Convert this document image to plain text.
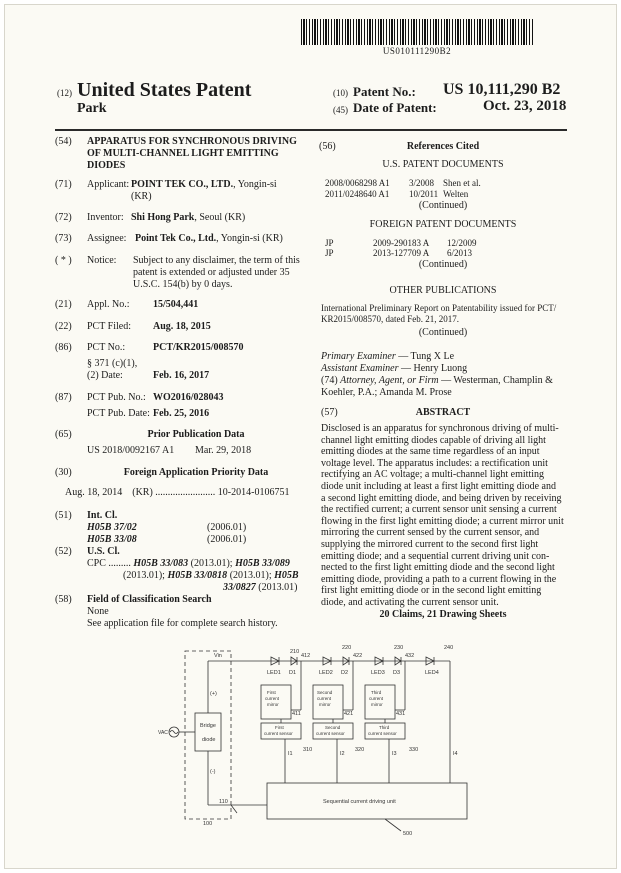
US010111290B2
(12) United States Patent
Park
(10) Patent No.: US 10,111,290 B2
(45) Date of Patent:	Oct. 23, 2018
(54) APPARATUS FOR SYNCHRONOUS DRIVING OF MULTI-CHANNEL LIGHT EMITTING DIODES
(71) Applicant: POINT TEK CO., LTD., Yongin-si
(KR)
(72) Inventor: Shi Hong Park, Seoul (KR)
(73) Assignee: Point Tek Co., Ltd., Yongin-si (KR)
( * ) Notice: Subject to any disclaimer, the term of this
patent is extended or adjusted under 35
U.S.C. 154(b) by 0 days.
(21) Appl. No.: 15/504,441
(22) PCT Filed: Aug. 18, 2015
(86) PCT No.:	PCT/KR2015/008570
§ 371 (c)(1),
(2) Date:	Feb. 16, 2017
(87) PCT Pub. No.: WO2016/028043
PCT Pub. Date: Feb. 25, 2016
(65)	Prior Publication Data
US 2018/0092167 A1 Mar. 29, 2018
(30)	Foreign Application Priority Data
Aug. 18, 2014 (KR) ........................ 10-2014-0106751
(51) Int. Cl.
H05B 37/02	(2006.01)
H05B 33/08	(2006.01)
(52) U.S. Cl.
CPC ......... H05B 33/083 (2013.01); H05B 33/089
(2013.01); H05B 33/0818 (2013.01); H05B
33/0827 (2013.01)
(58) Field of Classification Search
None
See application file for complete search history.
(56)	References Cited
U.S. PATENT DOCUMENTS
2008/0068298 A1 3/2008 Shen et al.
2011/0248640 A1 10/2011 Welten
(Continued)
FOREIGN PATENT DOCUMENTS
JP	2009-290183 A 12/2009
JP	2013-127709 A 6/2013
(Continued)
OTHER PUBLICATIONS
International Preliminary Report on Patentability issued for PCT/
KR2015/008570, dated Feb. 21, 2017.
(Continued)
Primary Examiner — Tung X Le
Assistant Examiner — Henry Luong
(74) Attorney, Agent, or Firm — Westerman, Champlin &
Koehler, P.A.; Amanda M. Prose
(57)	ABSTRACT
Disclosed is an apparatus for synchronous driving of multi-
channel light emitting diodes capable of driving all light
emitting diodes at the same time regardless of an input
voltage level. The apparatus includes: a rectification unit
rectifying an AC voltage; a multi-channel light emitting
diode unit including at least a first light emitting diode and
a second light emitting diode, and being driven by receiving
the rectified current; a current sensor unit sensing a current
flowing in the first light emitting diode; a current mirror unit
mirroring the current sensed by the current sensor, and
supplying the mirrored current to the second first light
emitting diode; and a sequential current driving unit con-
nected to the first light emitting diode and the second light
emitting diode, providing a path to a current flowing in the
first light emitting diode or in the second light emitting
diode, and activating the current sensor unit.
20 Claims, 21 Drawing Sheets
Vin
VAC
(+)
(-)
Bridge
diode
100
110
210
220	230	240
412	422	432
LED1	LED2	LED3	LED4
D1	D2	D3
First
current
mirror
Second
current
mirror
Third
current
mirror
First
current sensor
Second
current sensor
Third
current sensor
411	421	431
310	320	330
I1	I2	I3	I4
Sequential current driving unit
500
